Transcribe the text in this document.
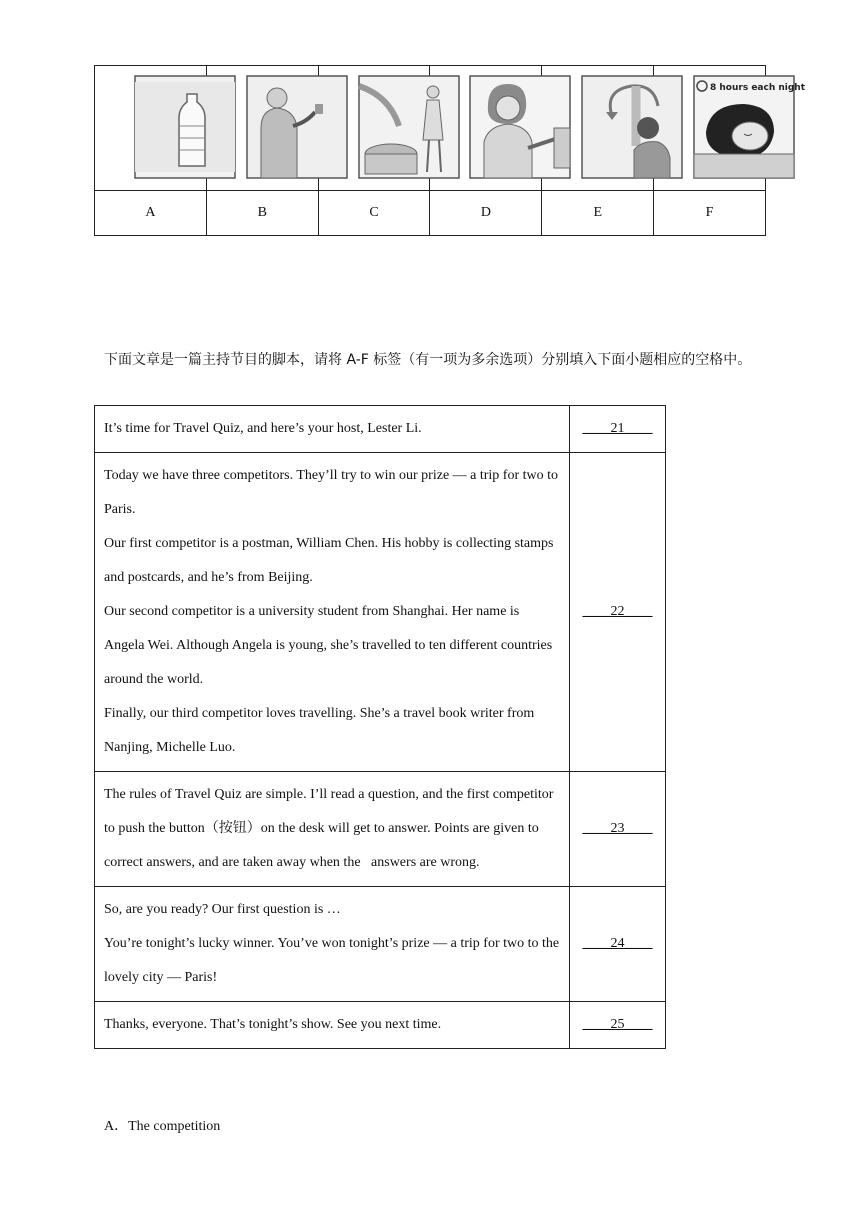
8 hours each night

A	B	C	D	E	F
下面文章是一篇主持节目的脚本，请将 A-F 标签（有一项为多余选项）分别填入下面小题相应的空格中。
It’s time for Travel Quiz, and here’s your host, Lester Li.	____21____

Today we have three competitors. They’ll try to win our prize — a trip for two to Paris.
Our first competitor is a postman, William Chen. His hobby is collecting stamps and postcards, and he’s from Beijing.
Our second competitor is a university student from Shanghai. Her name is Angela Wei. Although Angela is young, she’s travelled to ten different countries around the world.
Finally, our third competitor loves travelling. She’s a travel book writer from Nanjing, Michelle Luo.	____22____

The rules of Travel Quiz are simple. I’ll read a question, and the first competitor to push the button（按钮）on the desk will get to answer. Points are given to correct answers, and are taken away when the   answers are wrong.	____23____

So, are you ready? Our first question is …
You’re tonight’s lucky winner. You’ve won tonight’s prize — a trip for two to the lovely city — Paris!	____24____

Thanks, everyone. That’s tonight’s show. See you next time.	____25____
A．The competition
